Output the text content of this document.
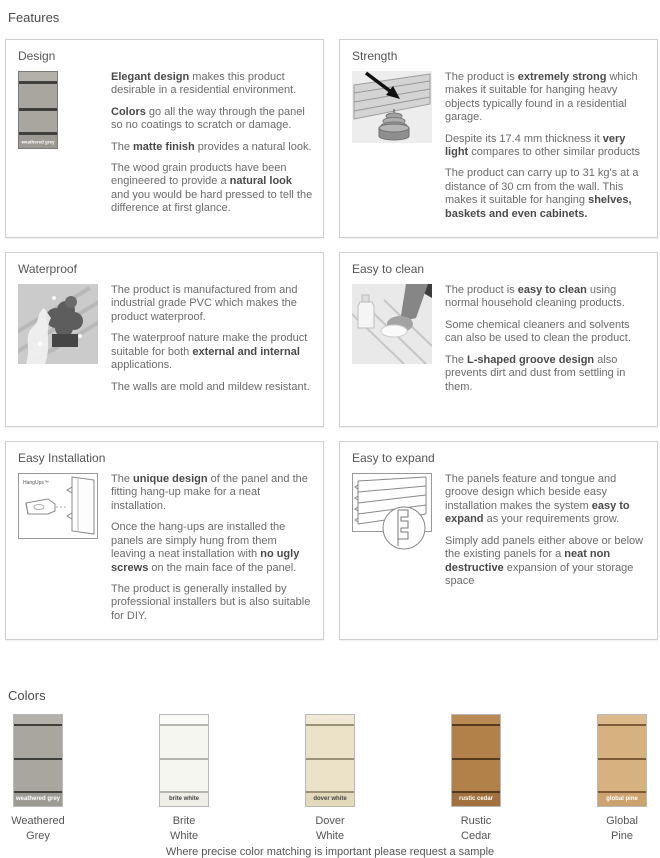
Features
Design
weathered grey

Elegant design makes this product desirable in a residential environment.

Colors go all the way through the panel so no coatings to scratch or damage.

The matte finish provides a natural look.

The wood grain products have been engineered to provide a natural look and you would be hard pressed to tell the difference at first glance.

Strength

The product is extremely strong which makes it suitable for hanging heavy objects typically found in a residential garage.

Despite its 17.4 mm thickness it very light compares to other similar products

The product can carry up to 31 kg's at a distance of 30 cm from the wall. This makes it suitable for hanging shelves, baskets and even cabinets.

Waterproof

The product is manufactured from and industrial grade PVC which makes the product waterproof.

The waterproof nature make the product suitable for both external and internal applications.

The walls are mold and mildew resistant.

Easy to clean

The product is easy to clean using normal household cleaning products.

Some chemical cleaners and solvents can also be used to clean the product.

The L-shaped groove design also prevents dirt and dust from settling in them.

Easy Installation
HangUps™	The unique design of the panel and the fitting hang-up make for a neat installation.

Once the hang-ups are installed the panels are simply hung from them leaving a neat installation with no ugly screws on the main face of the panel.

The product is generally installed by professional installers but is also suitable for DIY.

Easy to expand

The panels feature and tongue and groove design which beside easy installation makes the system easy to expand as your requirements grow.

Simply add panels either above or below the existing panels for a neat non destructive expansion of your storage space

Colors
weathered grey
Weathered
Grey
brite white
Brite
White
dover white
Dover
White
rustic cedar
Rustic
Cedar
global pine
Global
Pine
Where precise color matching is important please request a sample
